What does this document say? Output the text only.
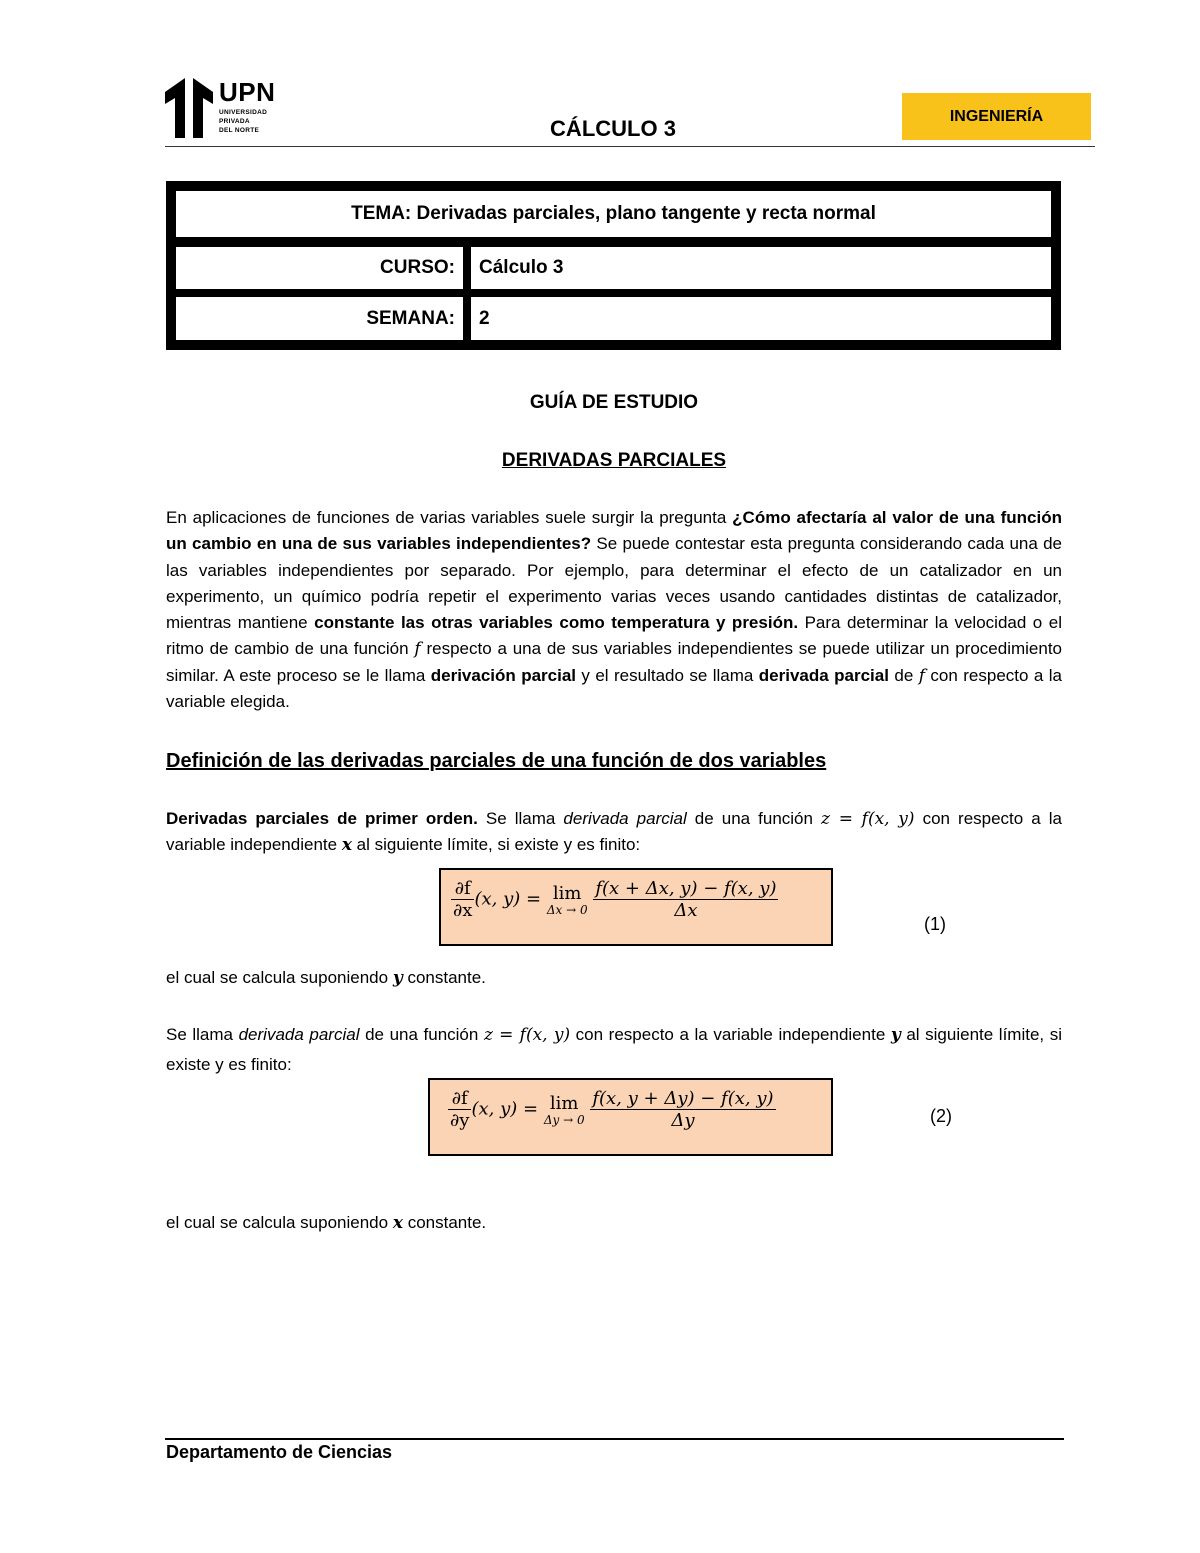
UPN
UNIVERSIDAD
PRIVADA
DEL NORTE	CÁLCULO 3	INGENIERÍA
TEMA: Derivadas parciales, plano tangente y recta normal
CURSO:	Cálculo 3
SEMANA:	2
GUÍA DE ESTUDIO
DERIVADAS PARCIALES
En aplicaciones de funciones de varias variables suele surgir la pregunta ¿Cómo afectaría al valor de una función un cambio en una de sus variables independientes? Se puede contestar esta pregunta considerando cada una de las variables independientes por separado. Por ejemplo, para determinar el efecto de un catalizador en un experimento, un químico podría repetir el experimento varias veces usando cantidades distintas de catalizador, mientras mantiene constante las otras variables como temperatura y presión. Para determinar la velocidad o el ritmo de cambio de una función f respecto a una de sus variables independientes se puede utilizar un procedimiento similar. A este proceso se le llama derivación parcial y el resultado se llama derivada parcial de f con respecto a la variable elegida.
Definición de las derivadas parciales de una función de dos variables
Derivadas parciales de primer orden. Se llama derivada parcial de una función z = f(x, y) con respecto a la variable independiente x al siguiente límite, si existe y es finito:
$\frac{\partial f}{\partial x} (x$, y) = lim
Δx → 0
$\frac{f(x + \Delta x, y) - f(x, y)}{\Delta x}$
(1)
el cual se calcula suponiendo y constante.
Se llama derivada parcial de una función z = f(x, y) con respecto a la variable independiente y al siguiente límite, si existe y es finito:
$\frac{\partial f}{\partial y} (x$, y) = lim
Δy → 0
$\frac{f(x, y + \Delta y) - f(x, y)}{\Delta y}$	(2)
el cual se calcula suponiendo x constante.
Departamento de Ciencias
